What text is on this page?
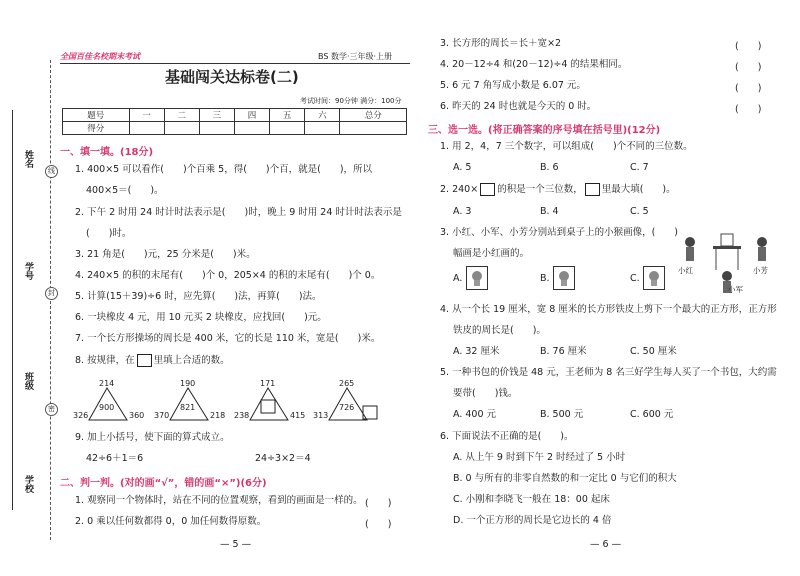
姓名
学号
班级
学校
线
封
密
全国百佳名校期末考试	BS 数学·三年级·上册
基础闯关达标卷(二)
考试时间：90分钟 满分：100分
题号	一	二	三	四	五	六	总分
得分							
一、填一填。(18分)
1. 400×5 可以看作(　　)个百乘 5，得(　　)个百，就是(　　)，所以
400×5＝(　　)。
2. 下午 2 时用 24 时计时法表示是(　　)时，晚上 9 时用 24 时计时法表示是
(　　)时。
3. 21 角是(　　)元，25 分米是(　　)米。
4. 240×5 的积的末尾有(　　)个 0，205×4 的积的末尾有(　　)个 0。
5. 计算(15＋39)÷6 时，应先算(　　)法，再算(　　)法。
6. 一块橡皮 4 元，用 10 元买 2 块橡皮，应找回(　　)元。
7. 一个长方形操场的周长是 400 米，它的长是 110 米，宽是(　　)米。
8. 按规律，在 里填上合适的数。
214
326	360
900
190
370	218
821
171
238	415
265
313
726
9. 加上小括号，使下面的算式成立。
42÷6＋1＝6	24÷3×2＝4
二、判一判。(对的画“√”，错的画“×”)(6分)
1. 观察同一个物体时，站在不同的位置观察，看到的画面是一样的。 (　　)
2. 0 乘以任何数都得 0，0 加任何数得原数。	(　　)
— 5 —
3. 长方形的周长＝长＋宽×2	(　　)
4. 20－12÷4 和(20－12)÷4 的结果相同。	(　　)
5. 6 元 7 角写成小数是 6.07 元。	(　　)
6. 昨天的 24 时也就是今天的 0 时。	(　　)
三、选一选。(将正确答案的序号填在括号里)(12分)
1. 用 2，4，7 三个数字，可以组成(　　)个不同的三位数。
A. 5	B. 6	C. 7
2. 240× 的积是一个三位数， 里最大填(　　)。
A. 3	B. 4	C. 5
3. 小红、小军、小芳分别站到桌子上的小猴画像，(　　)
幅画是小红画的。
A.	B.	C.
小红	小芳
小军
4. 从一个长 19 厘米，宽 8 厘米的长方形铁皮上剪下一个最大的正方形，正方形
铁皮的周长是(　　)。
A. 32 厘米	B. 76 厘米	C. 50 厘米
5. 一种书包的价钱是 48 元，王老师为 8 名三好学生每人买了一个书包，大约需
要带(　　)钱。
A. 400 元	B. 500 元	C. 600 元
6. 下面说法不正确的是(　　)。
A. 从上午 9 时到下午 2 时经过了 5 小时
B. 0 与所有的非零自然数的和一定比 0 与它们的积大
C. 小刚和李晓飞一般在 18：00 起床
D. 一个正方形的周长是它边长的 4 倍
— 6 —
